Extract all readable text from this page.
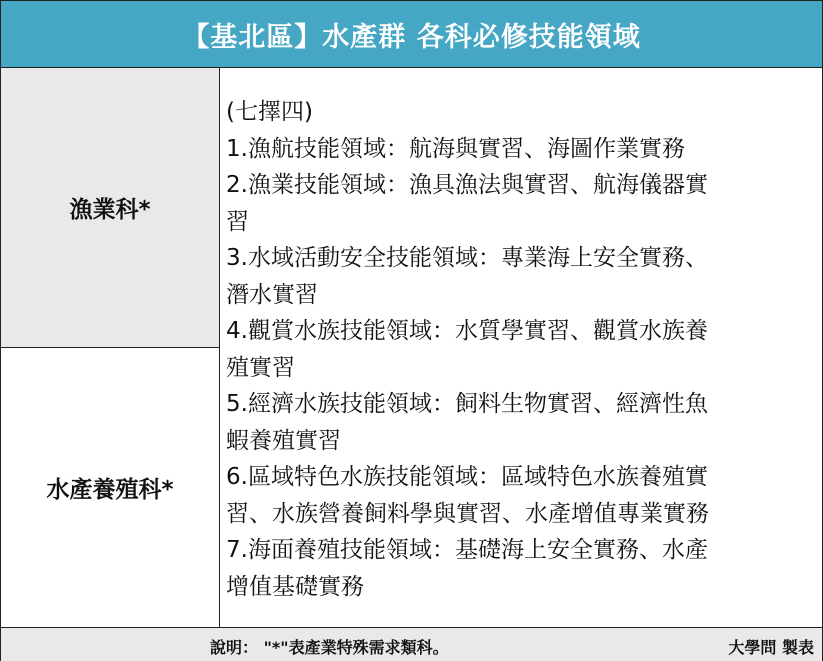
【基北區】水產群 各科必修技能領域
漁業科*
水產養殖科*
(七擇四)
1.漁航技能領域：航海與實習、海圖作業實務
2.漁業技能領域：漁具漁法與實習、航海儀器實
習
3.水域活動安全技能領域：專業海上安全實務、
潛水實習
4.觀賞水族技能領域：水質學實習、觀賞水族養
殖實習
5.經濟水族技能領域：飼料生物實習、經濟性魚
蝦養殖實習
6.區域特色水族技能領域：區域特色水族養殖實
習、水族營養飼料學與實習、水產增值專業實務
7.海面養殖技能領域：基礎海上安全實務、水產
增值基礎實務
說明： "*"表產業特殊需求類科。	大學問 製表
